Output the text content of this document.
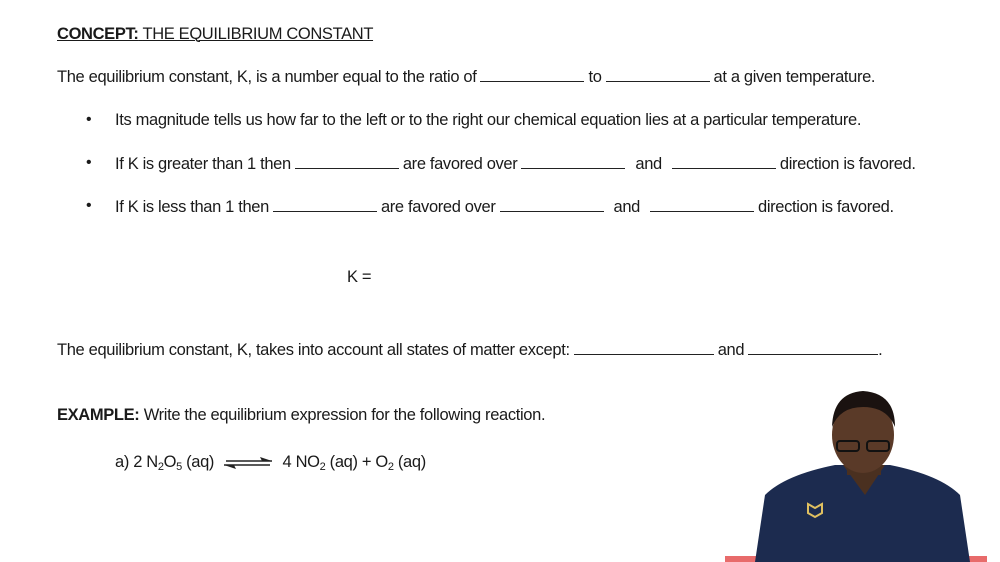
CONCEPT: THE EQUILIBRIUM CONSTANT
The equilibrium constant, K, is a number equal to the ratio of	to	at a given temperature.
• Its magnitude tells us how far to the left or to the right our chemical equation lies at a particular temperature.
• If K is greater than 1 then	are favored over	and	direction is favored.
• If K is less than 1 then	are favored over	and	direction is favored.
K =
The equilibrium constant, K, takes into account all states of matter except:	and	.
EXAMPLE: Write the equilibrium expression for the following reaction.
a) 2 $N_2O_5$ (aq) ⇌ 4 $NO_2$ $(aq) + O_2$ (aq)
